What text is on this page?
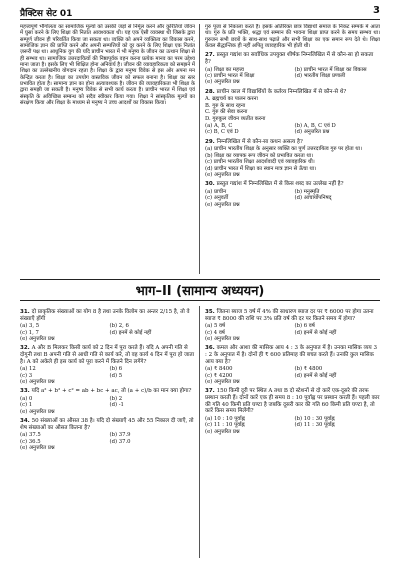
प्रैक्टिस सेट 01	3

महत्त्वपूर्ण भौगोलता का सामाजिक मूल्यों को उसकी जड़ों से निर्मूल करने और कुरितियों जीवन में घुसा करने के लिए शिक्षा की नितांत आवश्यकता थी। यह एक ऐसी व्यवस्था थी जिसके द्वारा सम्पूर्ण जीवन ही परिवर्तित किया जा सकता था। व्यक्ति को अपने व्यक्तित्व का विकास करने, सामाजिक ज्ञान की प्राप्ति करने और अपनी सम्पत्तियों को दूर करने के लिए शिक्षा एक नितांत ज़रूरी पक्ष था। आधुनिक युग की यदि प्राचीन भारत में भी मनुष्य के जीवन का उत्थान शिक्षा से ही सम्भव था। सामाजिक उत्तरदायित्वों की निष्ठापूर्वक वहन करना प्रत्येक मानव का परम उद्देश्य माना जाता है। इसके लिए भी शिक्षित होना अनिवार्य है। जीवन की व्यावहारिकता को समझने में शिक्षा का उल्लेखनीय योगदान रहता है। शिक्षा के द्वारा मनुष्य विवेक से इस ओर अपना मन केन्द्रित करता है। शिक्षा का उपयोग वास्तविक जीवन को सफल बनाना है। शिक्षा का स्तर प्रभावित होता है। सामान्य ज्ञान का होना अत्यावश्यक है। जीवन की व्यावहारिकता भी शिक्षा के द्वारा समझी जा सकती है। मनुष्य विवेक से सभी कार्य करता है। प्राचीन भारत में शिक्षा एवं संस्कृति के अविच्छिन्न सम्बन्ध को सदैव स्वीकार किया गया। शिक्षा ने सांस्कृतिक मूल्यों का संरक्षण किया और शिक्षा के माध्यम से मनुष्य ने उच्च आदर्शों का विकास किया।

गुरु पूजा से निकाला करते हैं। इसके अतिरिक्त छात्र विद्यार्थी समाज के निकट सम्पर्क में आता था। गुरु के प्रति भक्ति, श्रद्धा एवं सम्मान की भावना शिक्षा प्राप्त करने के समय सम्भव था। गुरुजन सभी छात्रों के साथ-साथ पढ़ाते और सभी शिक्षा का एक समान रूप देते थे। शिक्षा केवल सैद्धान्तिक ही नहीं अपितु व्यावहारिक भी होती थी।

27. प्रस्तुत गद्यांश का सर्वाधिक उपयुक्त शीर्षक निम्नलिखित में से कौन-सा हो सकता है?
(a) शिक्षा का महत्त्व	(b) प्राचीन भारत में शिक्षा का विकास
(c) प्राचीन भारत में शिक्षा	(d) भारतीय शिक्षा प्रणाली
(e) अनुत्तरित प्रश्न
28. प्राचीन काल में विद्यार्थियों के कर्तव्य निम्नलिखित में से कौन-से थे?
A. ब्रह्मचर्य का पालन करना
B. गुरु के साथ रहना
C. गुरु की सेवा करना
D. गुरुकुल जीवन व्यतीत करना
(a) A, B, C	(b) A, B, C एवं D
(c) B, C एवं D	(d) अनुत्तरित प्रश्न
29. निम्नलिखित में से कौन-सा कथन असत्य है?
(a) प्राचीन भारतीय शिक्षा के अनुसार व्यक्ति का पूर्ण उत्तरदायित्व गुरु पर होता था।
(b) शिक्षा का व्यापक रूप जीवन को प्रभावित करता था।
(c) प्राचीन भारतीय शिक्षा आदर्शवादी एवं व्यावहारिक थी।
(d) प्राचीन भारत में शिक्षा का स्थान मात्र ज्ञान से ऊँचा था।
(e) अनुत्तरित प्रश्न
30. प्रस्तुत गद्यांश में निम्नलिखित में से किस शब्द का उल्लेख नहीं है?
(a) प्राचीन	(b) मनुस्मृति
(c) अनुवर्ती	(d) आचार्योपनिषद्
(e) अनुत्तरित प्रश्न
भाग–II (सामान्य अध्ययन)
31. दो प्राकृतिक संख्याओं का योग 8 है तथा उनके विलोम का अन्तर 2/15 है, तो वे संख्याएँ होंगी
(a) 3, 5	(b) 2, 6
(c) 1, 7	(d) इनमें से कोई नहीं
(e) अनुत्तरित प्रश्न
32. A और B मिलकर किसी कार्य को 2 दिन में पूरा करते हैं। यदि A अपनी गति से दोगुनी तथा B अपनी गति से आधी गति से कार्य करे, तो वह कार्य 4 दिन में पूरा हो जाता है। A को अकेले ही इस कार्य को पूरा करने में कितने दिन लगेंगे?
(a) 12	(b) 6
(c) 3	(d) 5
(e) अनुत्तरित प्रश्न
33. यदि a² + b² + c² = ab + bc + ac, तो (a + c)/b का मान क्या होगा?
(a) 0	(b) 2
(c) 1	(d) -1
(e) अनुत्तरित प्रश्न
34. 50 संख्याओं का औसत 38 है। यदि दो संख्याएँ 45 और 55 निकाल दी जाएँ, तो शेष संख्याओं का औसत कितना है?
(a) 37.5	(b) 37.9
(c) 36.5	(d) 37.0
(e) अनुत्तरित प्रश्न
35. जितना ब्याज 5 वर्ष में 4% की साधारण ब्याज दर पर ₹ 6000 पर होगा उतना ब्याज ₹ 8000 की राशि पर 3% प्रति वर्ष की दर पर कितने समय में होगा?
(a) 5 वर्ष	(b) 6 वर्ष
(c) 4 वर्ष	(d) इनमें से कोई नहीं
(e) अनुत्तरित प्रश्न
36. कमल और आशा की मासिक आय 4 : 3 के अनुपात में है। उनका मासिक व्यय 3 : 2 के अनुपात में है। दोनों ही ₹ 600 प्रतिमाह की बचत करते हैं। उनकी कुल मासिक आय क्या है?
(a) ₹ 8400	(b) ₹ 4800
(c) ₹ 4200	(d) इनमें से कोई नहीं
(e) अनुत्तरित प्रश्न
37. 150 किमी दूरी पर स्थित A तथा B दो स्टेशनों से दो कारें एक-दूसरे की तरफ प्रस्थान करती हैं। दोनों कारें एक ही समय 8 : 10 पूर्वाह्न पर प्रस्थान करती हैं। पहली कार की गति 40 किमी प्रति घण्टा है जबकि दूसरी कार की गति 60 किमी प्रति घण्टा है, तो कारें किस समय मिलेंगी?
(a) 10 : 10 पूर्वाह्न	(b) 10 : 30 पूर्वाह्न
(c) 11 : 10 पूर्वाह्न	(d) 11 : 30 पूर्वाह्न
(e) अनुत्तरित प्रश्न
